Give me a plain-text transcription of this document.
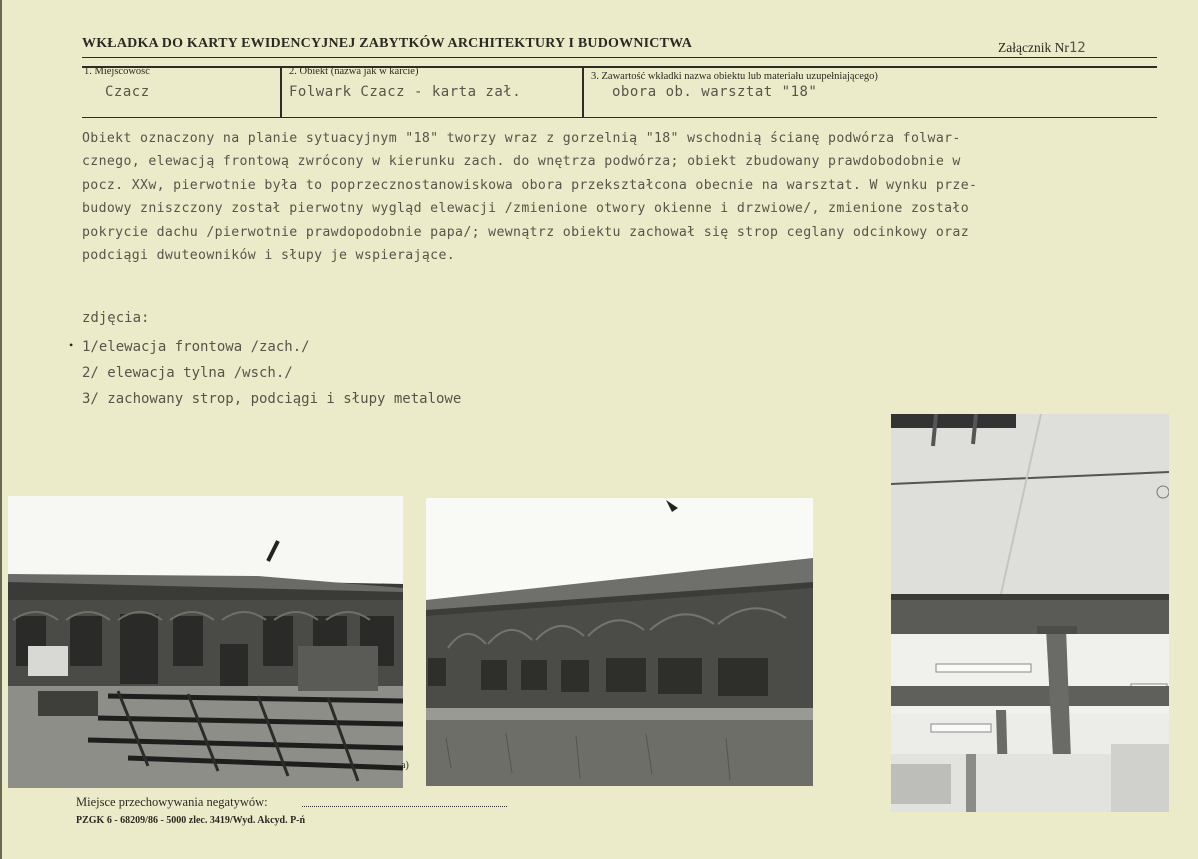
WKŁADKA DO KARTY EWIDENCYJNEJ ZABYTKÓW ARCHITEKTURY I BUDOWNICTWA	Załącznik Nr12
1. Miejscowość
Czacz
2. Obiekt (nazwa jak w karcie)
Folwark Czacz - karta zał.
3. Zawartość wkładki nazwa obiektu lub materiału uzupełniającego)
obora ob. warsztat "18"
Obiekt oznaczony na planie sytuacyjnym "18" tworzy wraz z gorzelnią "18" wschodnią ścianę podwórza folwar-
cznego, elewacją frontową zwrócony w kierunku zach. do wnętrza podwórza; obiekt zbudowany prawdobodobnie w
pocz. XXw, pierwotnie była to poprzecznostanowiskowa obora przekształcona obecnie na warsztat. W wynku prze-
budowy zniszczony został pierwotny wygląd elewacji /zmienione otwory okienne i drzwiowe/, zmienione zostało
pokrycie dachu /pierwotnie prawdopodobnie papa/; wewnątrz obiektu zachował się strop ceglany odcinkowy oraz
podciągi dwuteowników i słupy je wspierające.
zdjęcia:
• 1/elewacja frontowa /zach./
2/ elewacja tylna /wsch./
3/ zachowany strop, podciągi i słupy metalowe
a)
Miejsce przechowywania negatywów:
PZGK 6 - 68209/86 - 5000 zlec. 3419/Wyd. Akcyd. P-ń
